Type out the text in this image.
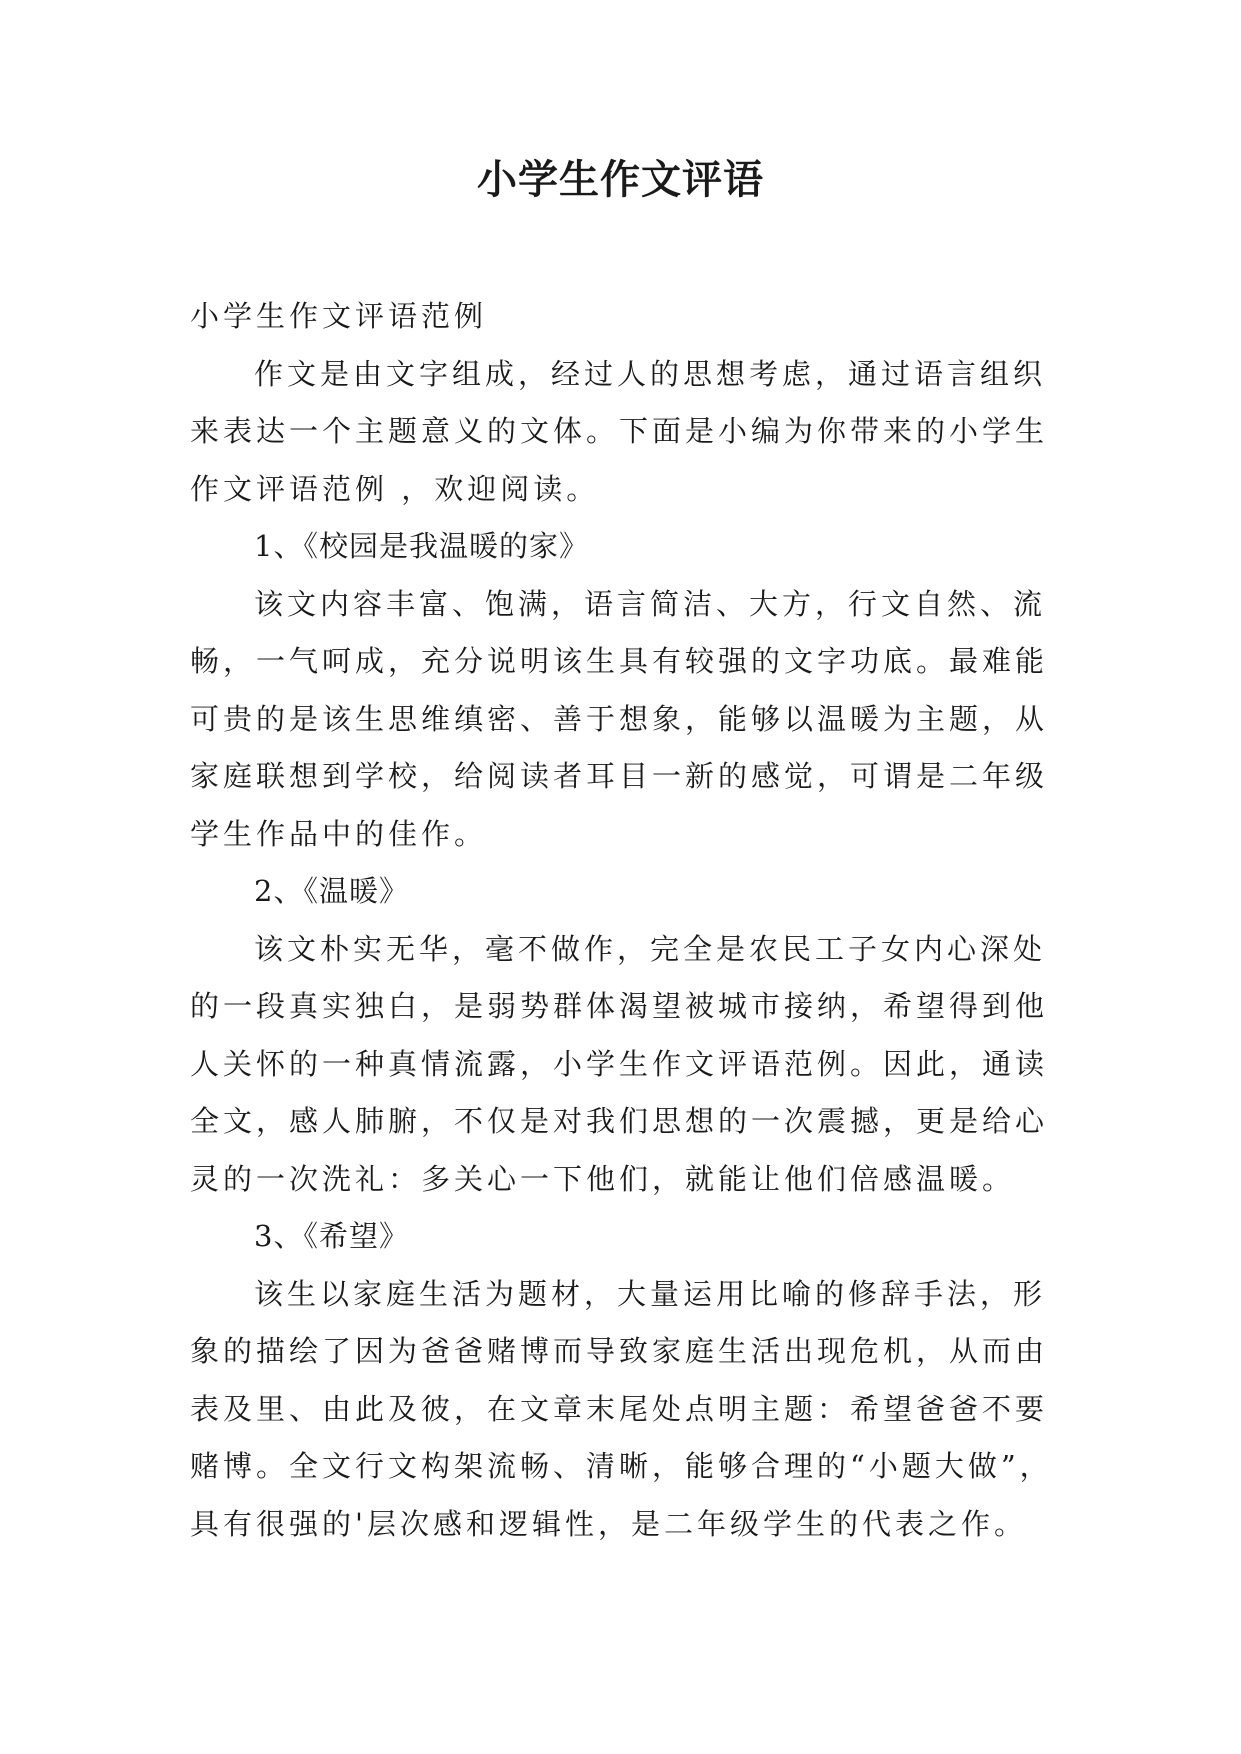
小学生作文评语
小学生作文评语范例
作文是由文字组成，经过人的思想考虑，通过语言组织
来表达一个主题意义的文体。下面是小编为你带来的小学生
作文评语范例 ，欢迎阅读。
1、《校园是我温暖的家》
该文内容丰富、饱满，语言简洁、大方，行文自然、流
畅，一气呵成，充分说明该生具有较强的文字功底。最难能
可贵的是该生思维缜密、善于想象，能够以温暖为主题，从
家庭联想到学校，给阅读者耳目一新的感觉，可谓是二年级
学生作品中的佳作。
2、《温暖》
该文朴实无华，毫不做作，完全是农民工子女内心深处
的一段真实独白，是弱势群体渴望被城市接纳，希望得到他
人关怀的一种真情流露，小学生作文评语范例。因此，通读
全文，感人肺腑，不仅是对我们思想的一次震撼，更是给心
灵的一次洗礼：多关心一下他们，就能让他们倍感温暖。
3、《希望》
该生以家庭生活为题材，大量运用比喻的修辞手法，形
象的描绘了因为爸爸赌博而导致家庭生活出现危机，从而由
表及里、由此及彼，在文章末尾处点明主题：希望爸爸不要
赌博。全文行文构架流畅、清晰，能够合理的“小题大做”，
具有很强的'层次感和逻辑性，是二年级学生的代表之作。
